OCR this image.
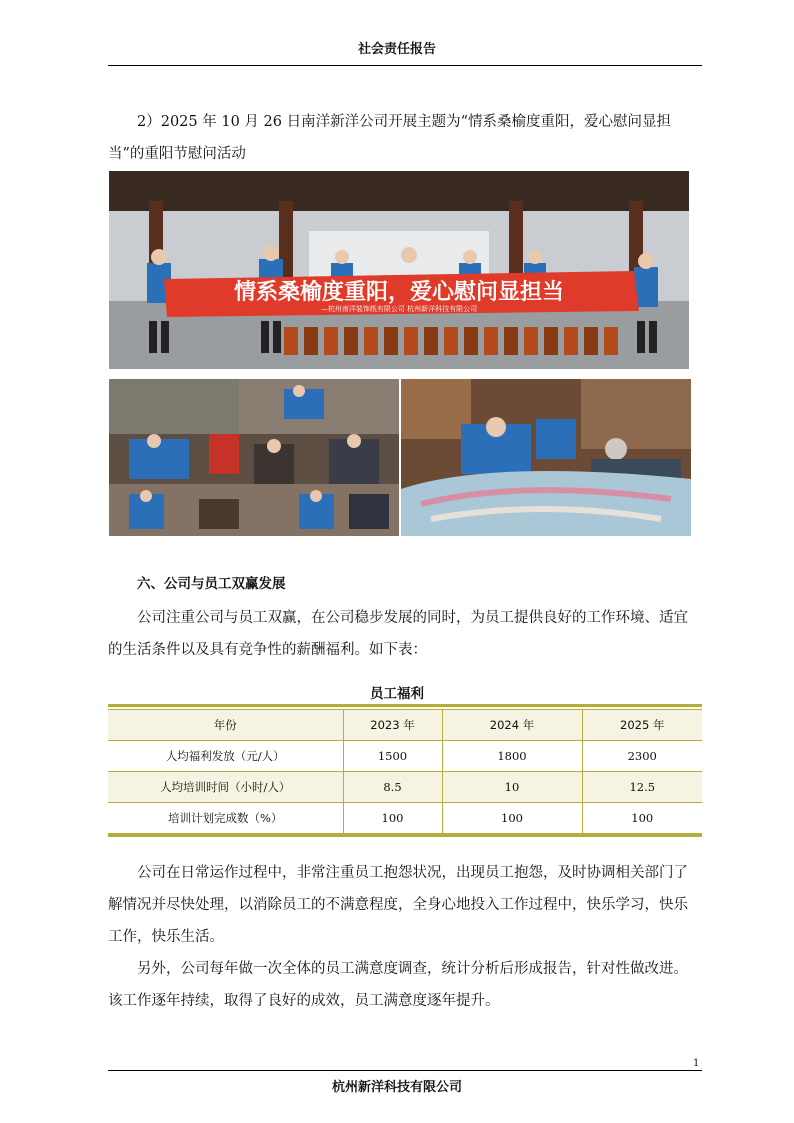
社会责任报告

2）2025 年 10 月 26 日南洋新洋公司开展主题为“情系桑榆度重阳，爱心慰问显担当”的重阳节慰问活动

情系桑榆度重阳，爱心慰问显担当
—杭州南洋装饰纸有限公司 杭州新洋科技有限公司
六、公司与员工双赢发展

公司注重公司与员工双赢，在公司稳步发展的同时，为员工提供良好的工作环境、适宜的生活条件以及具有竞争性的薪酬福利。如下表：

员工福利
年份	2023 年	2024 年	2025 年
人均福利发放（元/人）	1500	1800	2300
人均培训时间（小时/人）	8.5	10	12.5
培训计划完成数（%）	100	100	100

公司在日常运作过程中，非常注重员工抱怨状况，出现员工抱怨，及时协调相关部门了解情况并尽快处理，以消除员工的不满意程度，全身心地投入工作过程中，快乐学习，快乐工作，快乐生活。

另外，公司每年做一次全体的员工满意度调查，统计分析后形成报告，针对性做改进。该工作逐年持续，取得了良好的成效，员工满意度逐年提升。

1
杭州新洋科技有限公司
